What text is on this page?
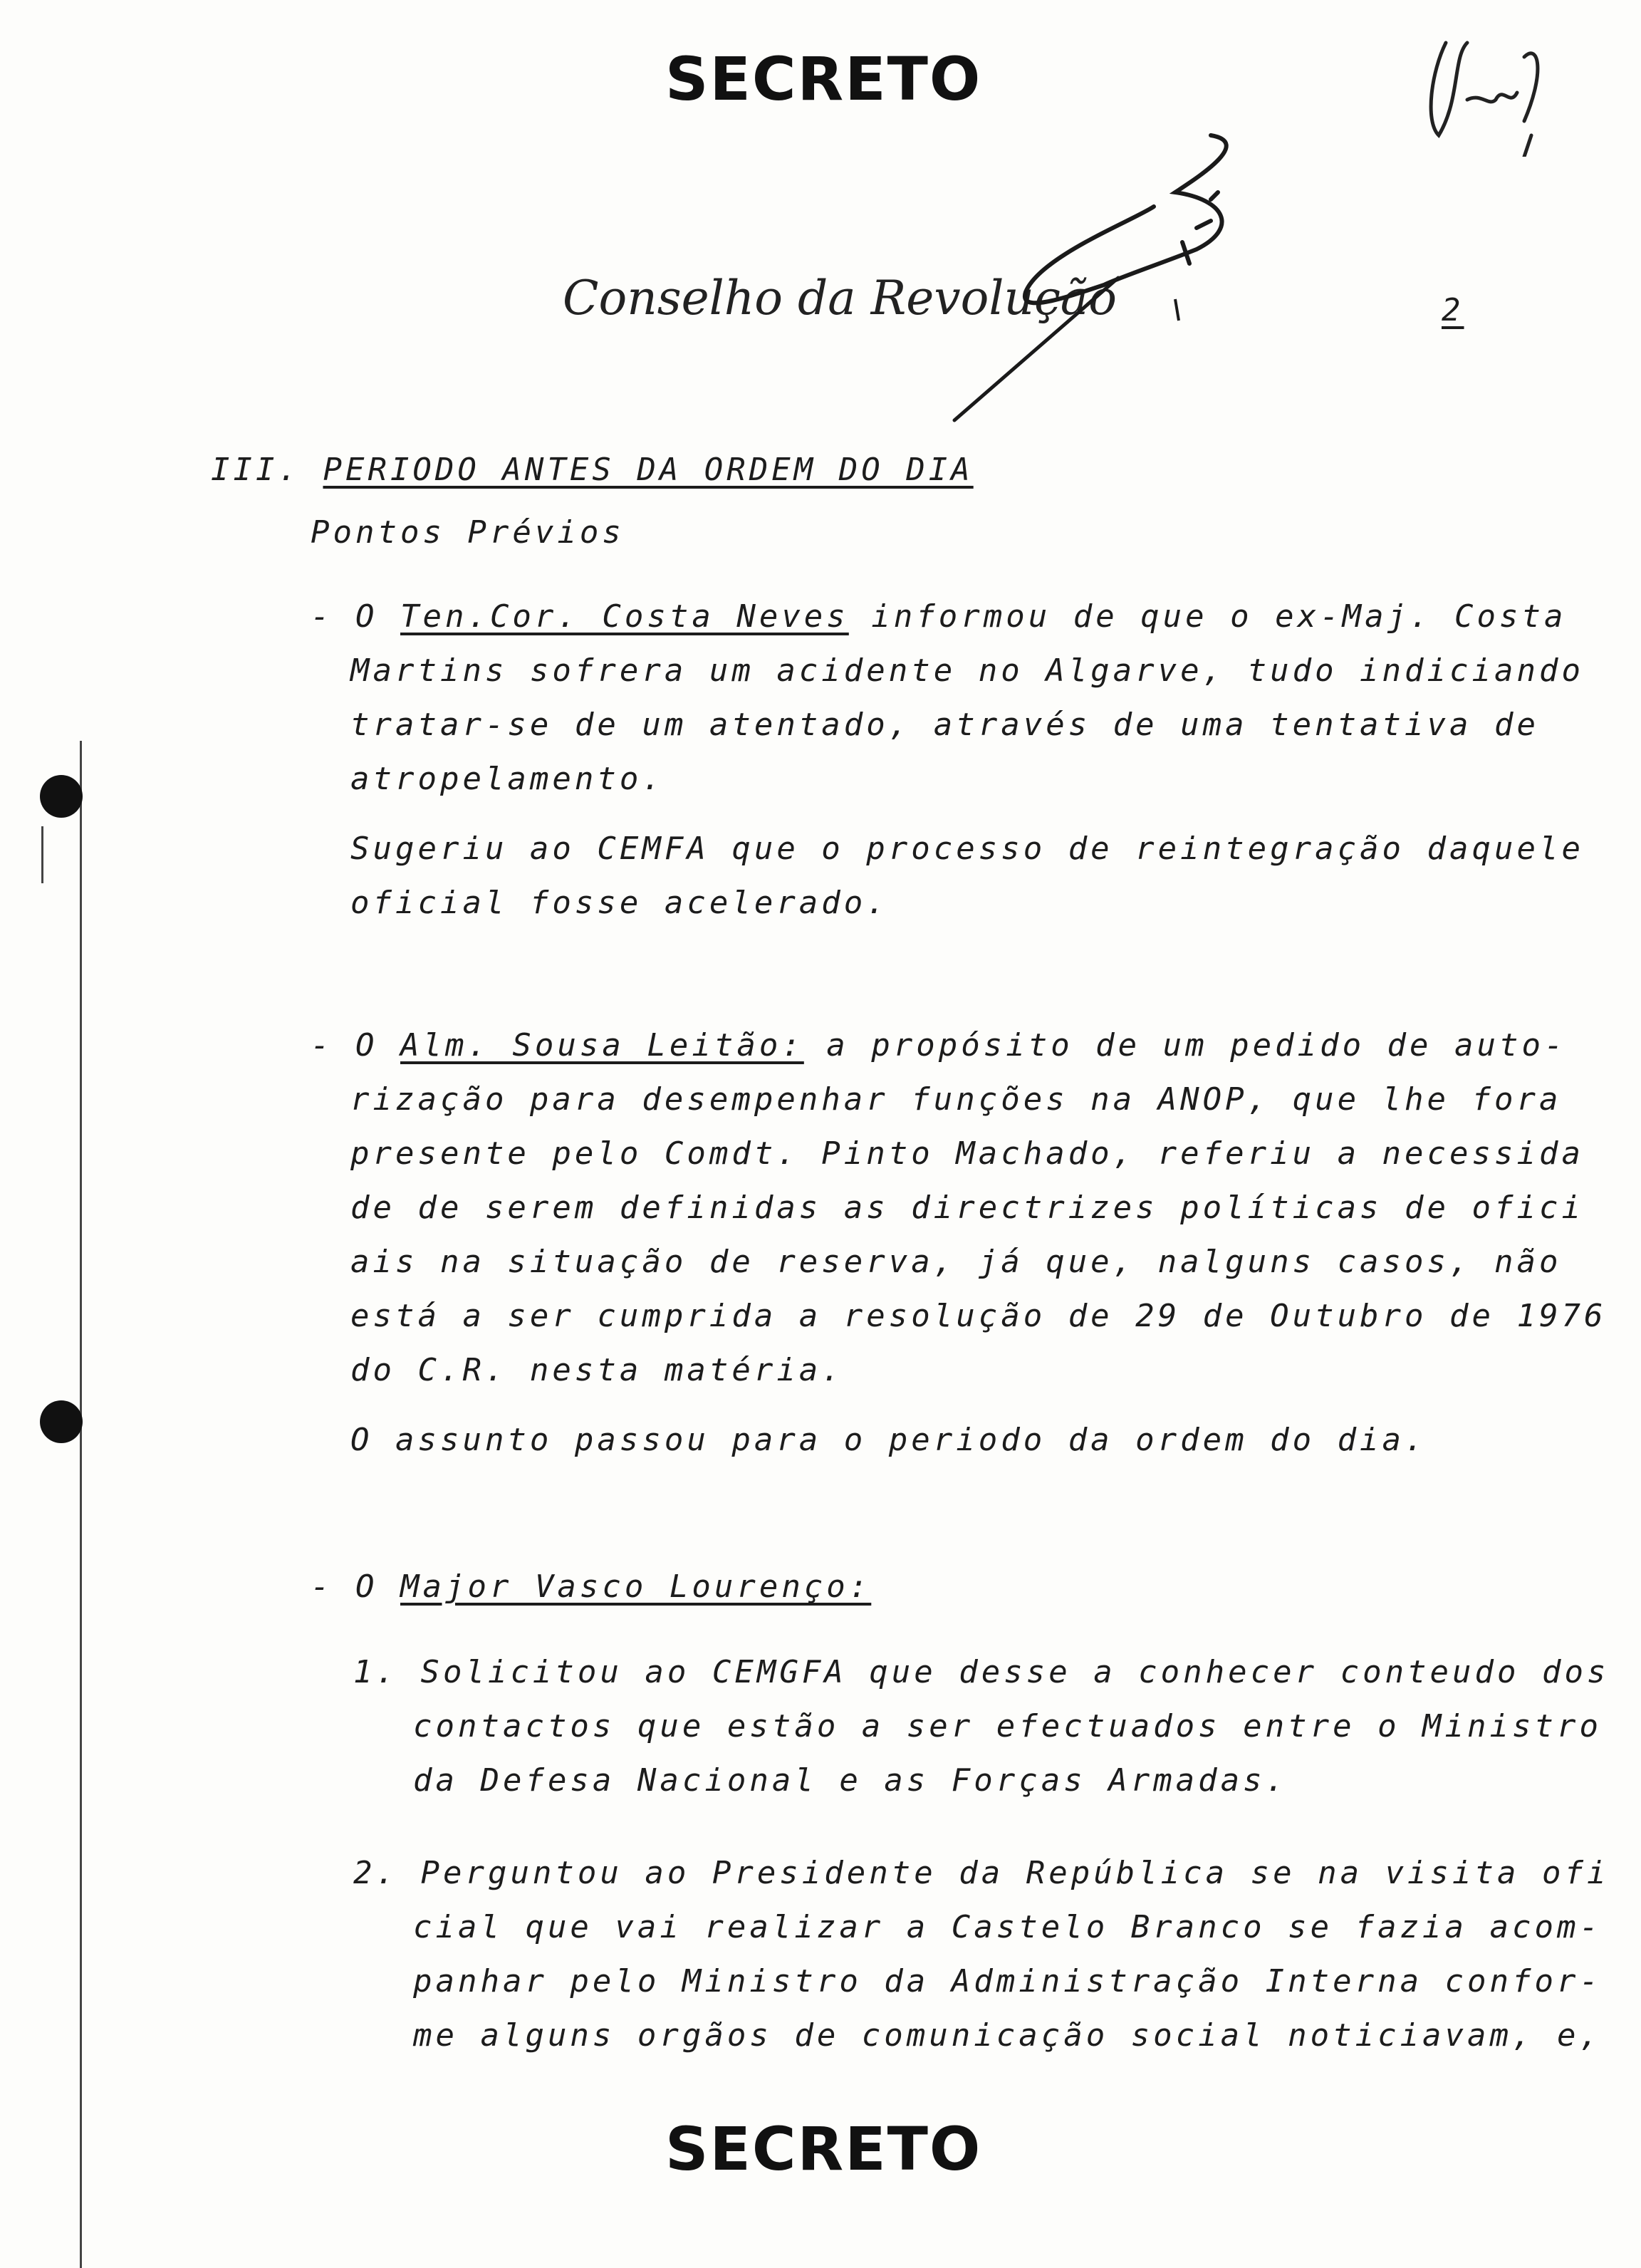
SECRETO
Conselho da Revolução	2
III. PERIODO ANTES DA ORDEM DO DIA
Pontos Prévios
- O Ten.Cor. Costa Neves informou de que o ex-Maj. Costa
Martins sofrera um acidente no Algarve, tudo indiciando
tratar-se de um atentado, através de uma tentativa de
atropelamento.
Sugeriu ao CEMFA que o processo de reintegração daquele
oficial fosse acelerado.
- O Alm. Sousa Leitão: a propósito de um pedido de auto-
rização para desempenhar funções na ANOP, que lhe fora
presente pelo Comdt. Pinto Machado, referiu a necessida
de de serem definidas as directrizes políticas de ofici
ais na situação de reserva, já que, nalguns casos, não
está a ser cumprida a resolução de 29 de Outubro de 1976
do C.R. nesta matéria.
O assunto passou para o periodo da ordem do dia.
- O Major Vasco Lourenço:
1. Solicitou ao CEMGFA que desse a conhecer conteudo dos
contactos que estão a ser efectuados entre o Ministro
da Defesa Nacional e as Forças Armadas.
2. Perguntou ao Presidente da República se na visita ofi
cial que vai realizar a Castelo Branco se fazia acom-
panhar pelo Ministro da Administração Interna confor-
me alguns orgãos de comunicação social noticiavam, e,
SECRETO
